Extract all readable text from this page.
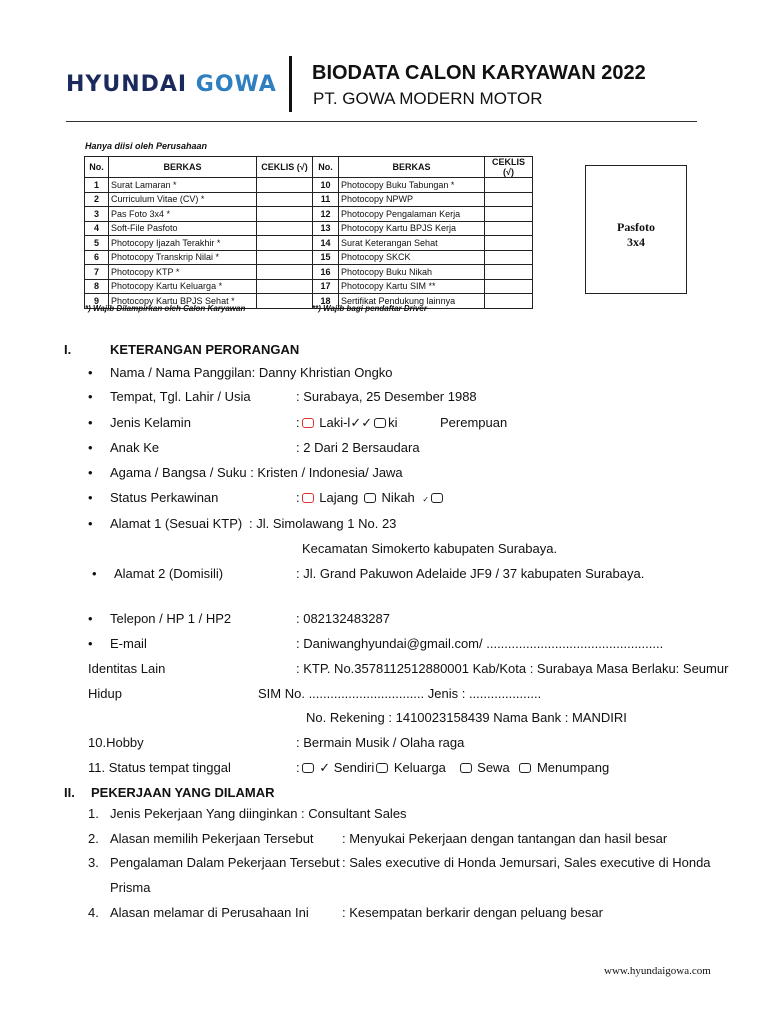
HYUNDAI GOWA BIODATA CALON KARYAWAN 2022
PT. GOWA MODERN MOTOR
Hanya diisi oleh Perusahaan
No.	BERKAS	CEKLIS (√)	No.	BERKAS	CEKLIS (√)
1	Surat Lamaran *		10	Photocopy Buku Tabungan *	
2	Curriculum Vitae (CV) *		11	Photocopy NPWP	
3	Pas Foto 3x4 *		12	Photocopy Pengalaman Kerja	
4	Soft-File Pasfoto		13	Photocopy Kartu BPJS Kerja	
5	Photocopy Ijazah Terakhir *		14	Surat Keterangan Sehat	
6	Photocopy Transkrip Nilai *		15	Photocopy SKCK	
7	Photocopy KTP *		16	Photocopy Buku Nikah	
8	Photocopy Kartu Keluarga *		17	Photocopy Kartu SIM **	
9	Photocopy Kartu BPJS Sehat *		18	Sertifikat Pendukung lainnya	
*) Wajib Dilampirkan oleh Calon Karyawan	**) Wajib bagi pendaftar Driver
Pasfoto
3x4
I.	KETERANGAN PERORANGAN
• Nama / Nama Panggilan: Danny Khristian Ongko
• Tempat, Tgl. Lahir / Usia	: Surabaya, 25 Desember 1988
• Jenis Kelamin	: Laki-l✓✓ ki	Perempuan
• Anak Ke	: 2 Dari 2 Bersaudara
• Agama / Bangsa / Suku : Kristen / Indonesia/ Jawa
• Status Perkawinan	: Lajang Nikah ✓
• Alamat 1 (Sesuai KTP) : Jl. Simolawang 1 No. 23
Kecamatan Simokerto kabupaten Surabaya.
• Alamat 2 (Domisili)	: Jl. Grand Pakuwon Adelaide JF9 / 37 kabupaten Surabaya.
• Telepon / HP 1 / HP2	: 082132483287
• E-mail	: Daniwanghyundai@gmail.com/ .................................................
Identitas Lain	: KTP. No.3578112512880001 Kab/Kota : Surabaya Masa Berlaku: Seumur
Hidup	SIM No. ................................ Jenis : ....................
No. Rekening : 1410023158439 Nama Bank : MANDIRI
10.Hobby	: Bermain Musik / Olaha raga
11. Status tempat tinggal	: ✓ Sendiri Keluarga Sewa Menumpang
II. PEKERJAAN YANG DILAMAR
1. Jenis Pekerjaan Yang diinginkan : Consultant Sales
2. Alasan memilih Pekerjaan Tersebut : Menyukai Pekerjaan dengan tantangan dan hasil besar
3. Pengalaman Dalam Pekerjaan Tersebut : Sales executive di Honda Jemursari, Sales executive di Honda
Prisma
4. Alasan melamar di Perusahaan Ini	: Kesempatan berkarir dengan peluang besar
www.hyundaigowa.com
